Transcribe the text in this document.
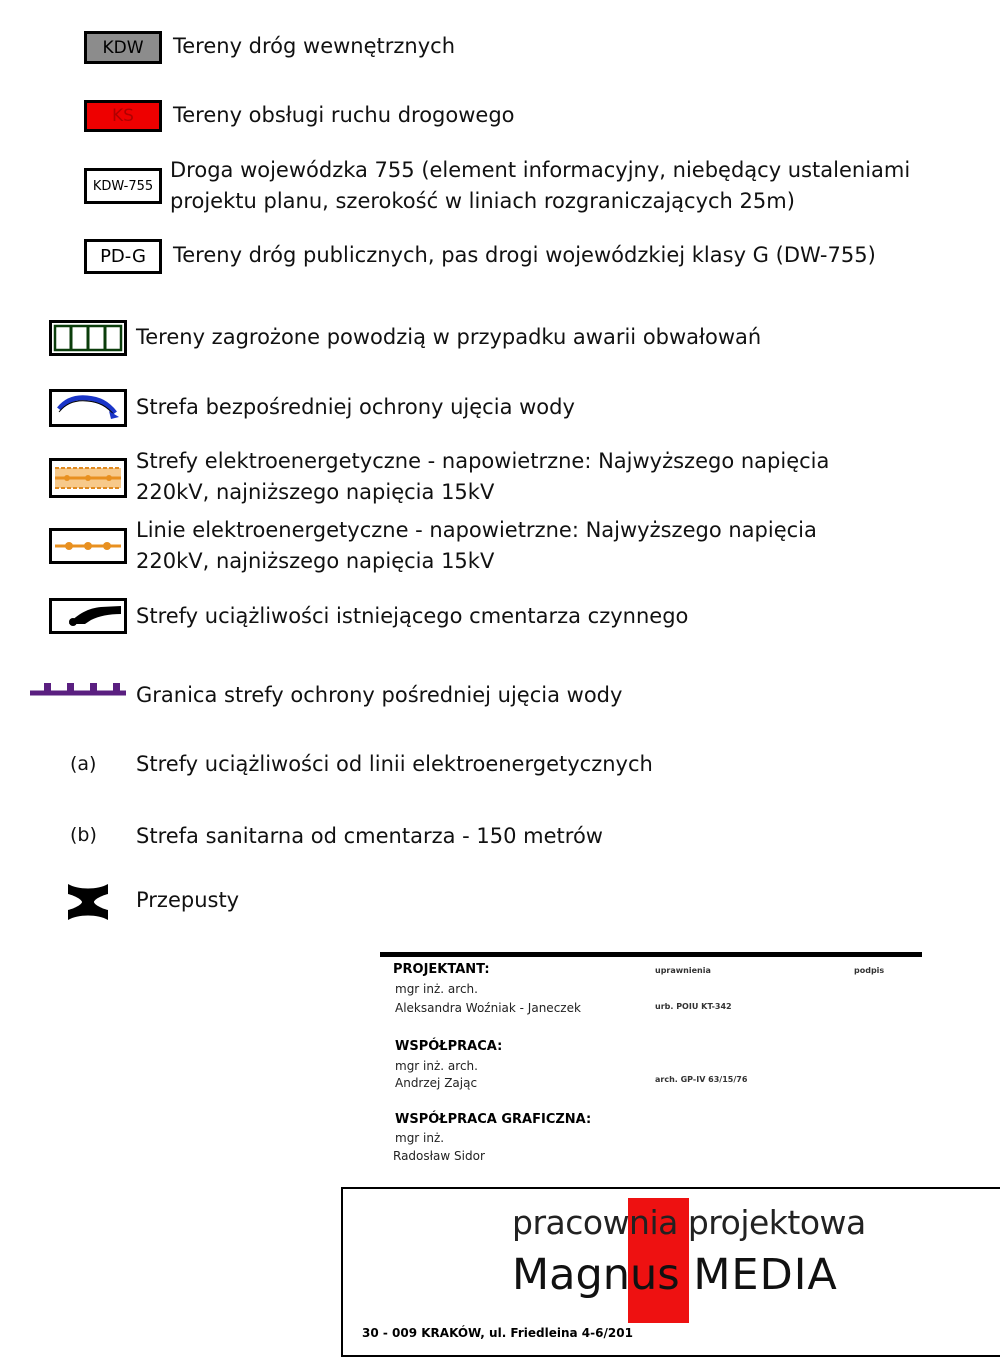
KDW Tereny dróg wewnętrznych
KS Tereny obsługi ruchu drogowego
KDW-755
Droga wojewódzka 755 (element informacyjny, niebędący ustaleniami
projektu planu, szerokość w liniach rozgraniczających 25m)
PD-G Tereny dróg publicznych, pas drogi wojewódzkiej klasy G (DW-755)
Tereny zagrożone powodzią w przypadku awarii obwałowań
Strefa bezpośredniej ochrony ujęcia wody
Strefy elektroenergetyczne - napowietrzne: Najwyższego napięcia
220kV, najniższego napięcia 15kV
Linie elektroenergetyczne - napowietrzne: Najwyższego napięcia
220kV, najniższego napięcia 15kV
Strefy uciążliwości istniejącego cmentarza czynnego
Granica strefy ochrony pośredniej ujęcia wody
(a) Strefy uciążliwości od linii elektroenergetycznych
(b) Strefa sanitarna od cmentarza - 150 metrów
Przepusty
uprawnienia	podpis
PROJEKTANT:
mgr inż. arch.
Aleksandra Woźniak - Janeczek	urb. POIU KT-342
WSPÓŁPRACA:
mgr inż. arch.
Andrzej Zając	arch. GP-IV 63/15/76
WSPÓŁPRACA GRAFICZNA:
mgr inż.
Radosław Sidor
pracownia projektowa
Magnus MEDIA
30 - 009 KRAKÓW, ul. Friedleina 4-6/201
